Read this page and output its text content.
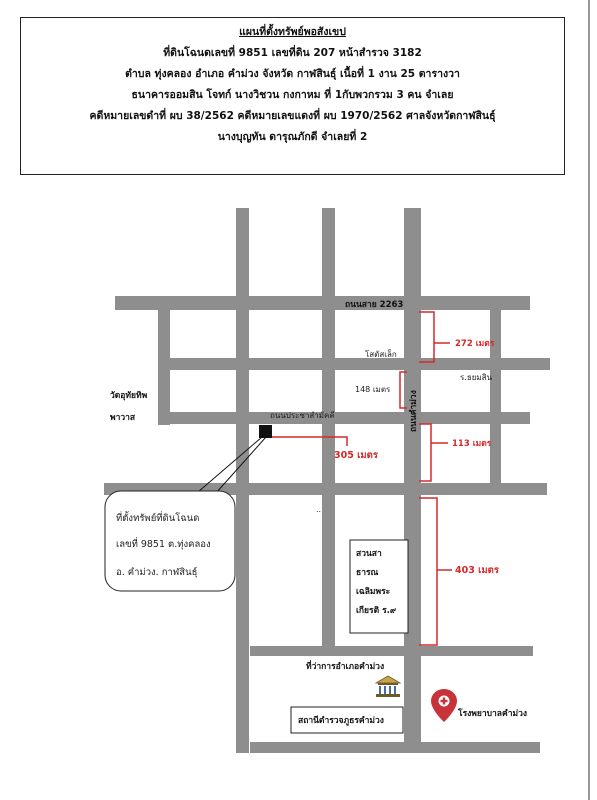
แผนที่ตั้งทรัพย์พอสังเขป
ที่ดินโฉนดเลขที่ 9851 เลขที่ดิน 207 หน้าสำรวจ 3182
ตำบล ทุ่งคลอง อำเภอ คำม่วง จังหวัด กาฬสินธุ์ เนื้อที่ 1 งาน 25 ตารางวา
ธนาคารออมสิน โจทก์ นางวิชวน กงกาหม ที่ 1กับพวกรวม 3 คน จำเลย
คดีหมายเลขดำที่ ผบ 38/2562 คดีหมายเลขแดงที่ ผบ 1970/2562 ศาลจังหวัดกาฬสินธุ์
นางบุญทัน ดารุณภักดี จำเลยที่ 2
ถนนสาย 2263
โสตัสเล็ก
ร.ธยมสิน
ถนนประชาสำมัคคี	ถนนคำม่วง
วัดอุทัยทิพ
พาวาส
272 เมตร
148 เมตร
113 เมตร
305 เมตร
403 เมตร
ที่ตั้งทรัพย์ที่ดินโฉนด
เลขที่ 9851 ต.ทุ่งคลอง
อ. คำม่วง. กาฬสินธุ์
..
สวนสา
ธารณ
เฉลิมพระ
เกียรติ ร.๙
ที่ว่าการอำเภอคำม่วง
สถานีตำรวจภูธรคำม่วง
โรงพยาบาลคำม่วง
